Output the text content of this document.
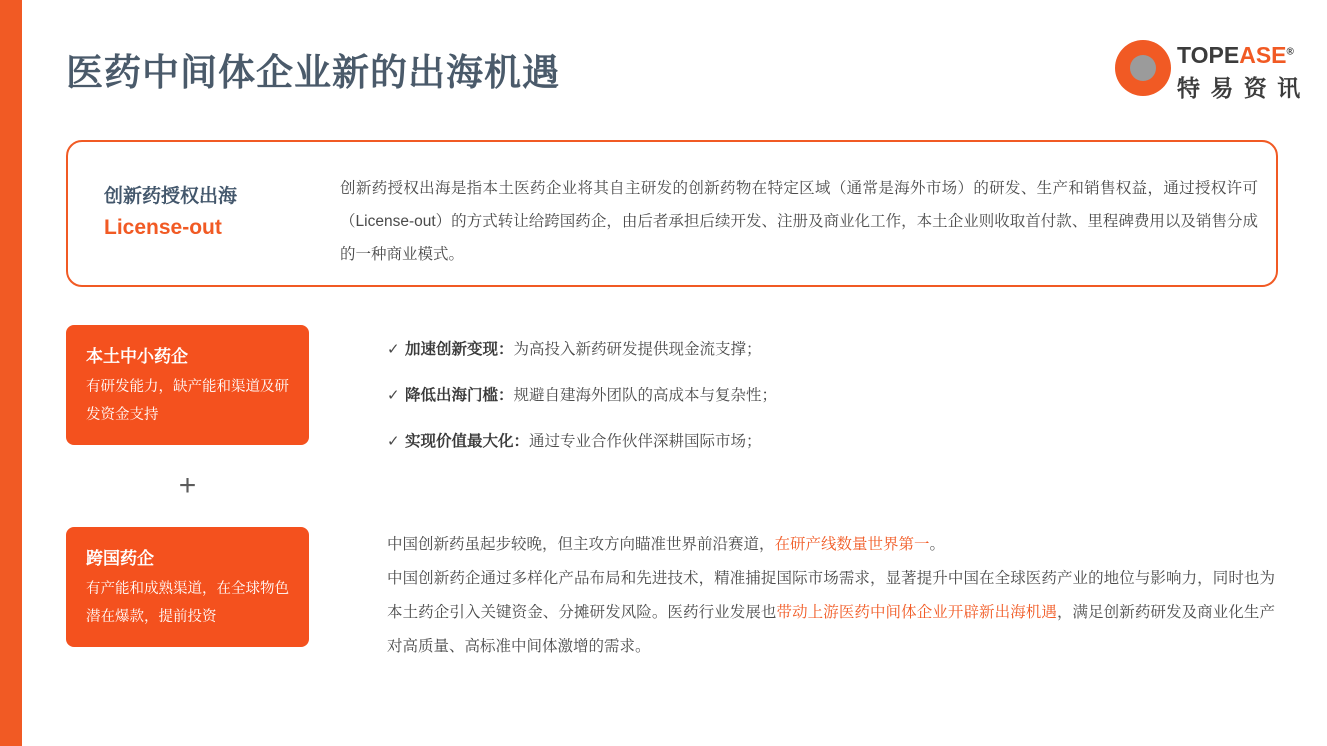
医药中间体企业新的出海机遇	TOPEASE®
特 易 资 讯
创新药授权出海
License-out
创新药授权出海是指本土医药企业将其自主研发的创新药物在特定区域（通常是海外市场）的研发、生产和销售权益，通过授权许可（License-out）的方式转让给跨国药企，由后者承担后续开发、注册及商业化工作，本土企业则收取首付款、里程碑费用以及销售分成的一种商业模式。
本土中小药企
有研发能力，缺产能和渠道及研发资金支持
+
跨国药企
有产能和成熟渠道，在全球物色潜在爆款，提前投资
✓ 加速创新变现：为高投入新药研发提供现金流支撑；
✓ 降低出海门槛：规避自建海外团队的高成本与复杂性；
✓ 实现价值最大化：通过专业合作伙伴深耕国际市场；
中国创新药虽起步较晚，但主攻方向瞄准世界前沿赛道，在研产线数量世界第一。
中国创新药企通过多样化产品布局和先进技术，精准捕捉国际市场需求，显著提升中国在全球医药产业的地位与影响力，同时也为本土药企引入关键资金、分摊研发风险。医药行业发展也带动上游医药中间体企业开辟新出海机遇，满足创新药研发及商业化生产对高质量、高标准中间体激增的需求。
